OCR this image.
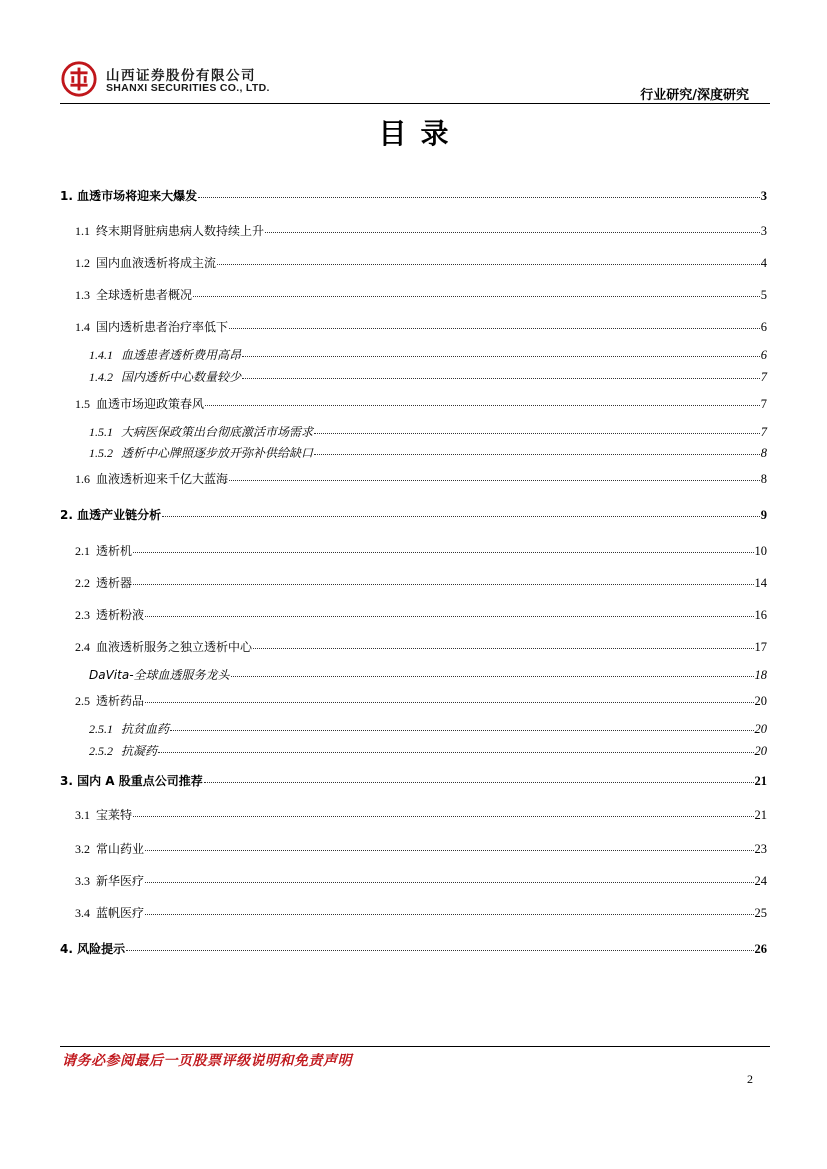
山西证券股份有限公司
SHANXI SECURITIES CO., LTD.	行业研究/深度研究
目录
1. 血透市场将迎来大爆发	3
1.1 终末期肾脏病患病人数持续上升	3
1.2 国内血液透析将成主流	4
1.3 全球透析患者概况	5
1.4 国内透析患者治疗率低下	6
1.4.1 血透患者透析费用高昂	6
1.4.2 国内透析中心数量较少	7
1.5 血透市场迎政策春风	7
1.5.1 大病医保政策出台彻底激活市场需求	7
1.5.2 透析中心牌照逐步放开弥补供给缺口	8
1.6 血液透析迎来千亿大蓝海	8
2. 血透产业链分析	9
2.1 透析机	10
2.2 透析器	14
2.3 透析粉液	16
2.4 血液透析服务之独立透析中心	17
DaVita-全球血透服务龙头	18
2.5 透析药品	20
2.5.1 抗贫血药	20
2.5.2 抗凝药	20
3. 国内 A 股重点公司推荐	21
3.1 宝莱特	21
3.2 常山药业	23
3.3 新华医疗	24
3.4 蓝帆医疗	25
4. 风险提示	26
请务必参阅最后一页股票评级说明和免责声明
2
